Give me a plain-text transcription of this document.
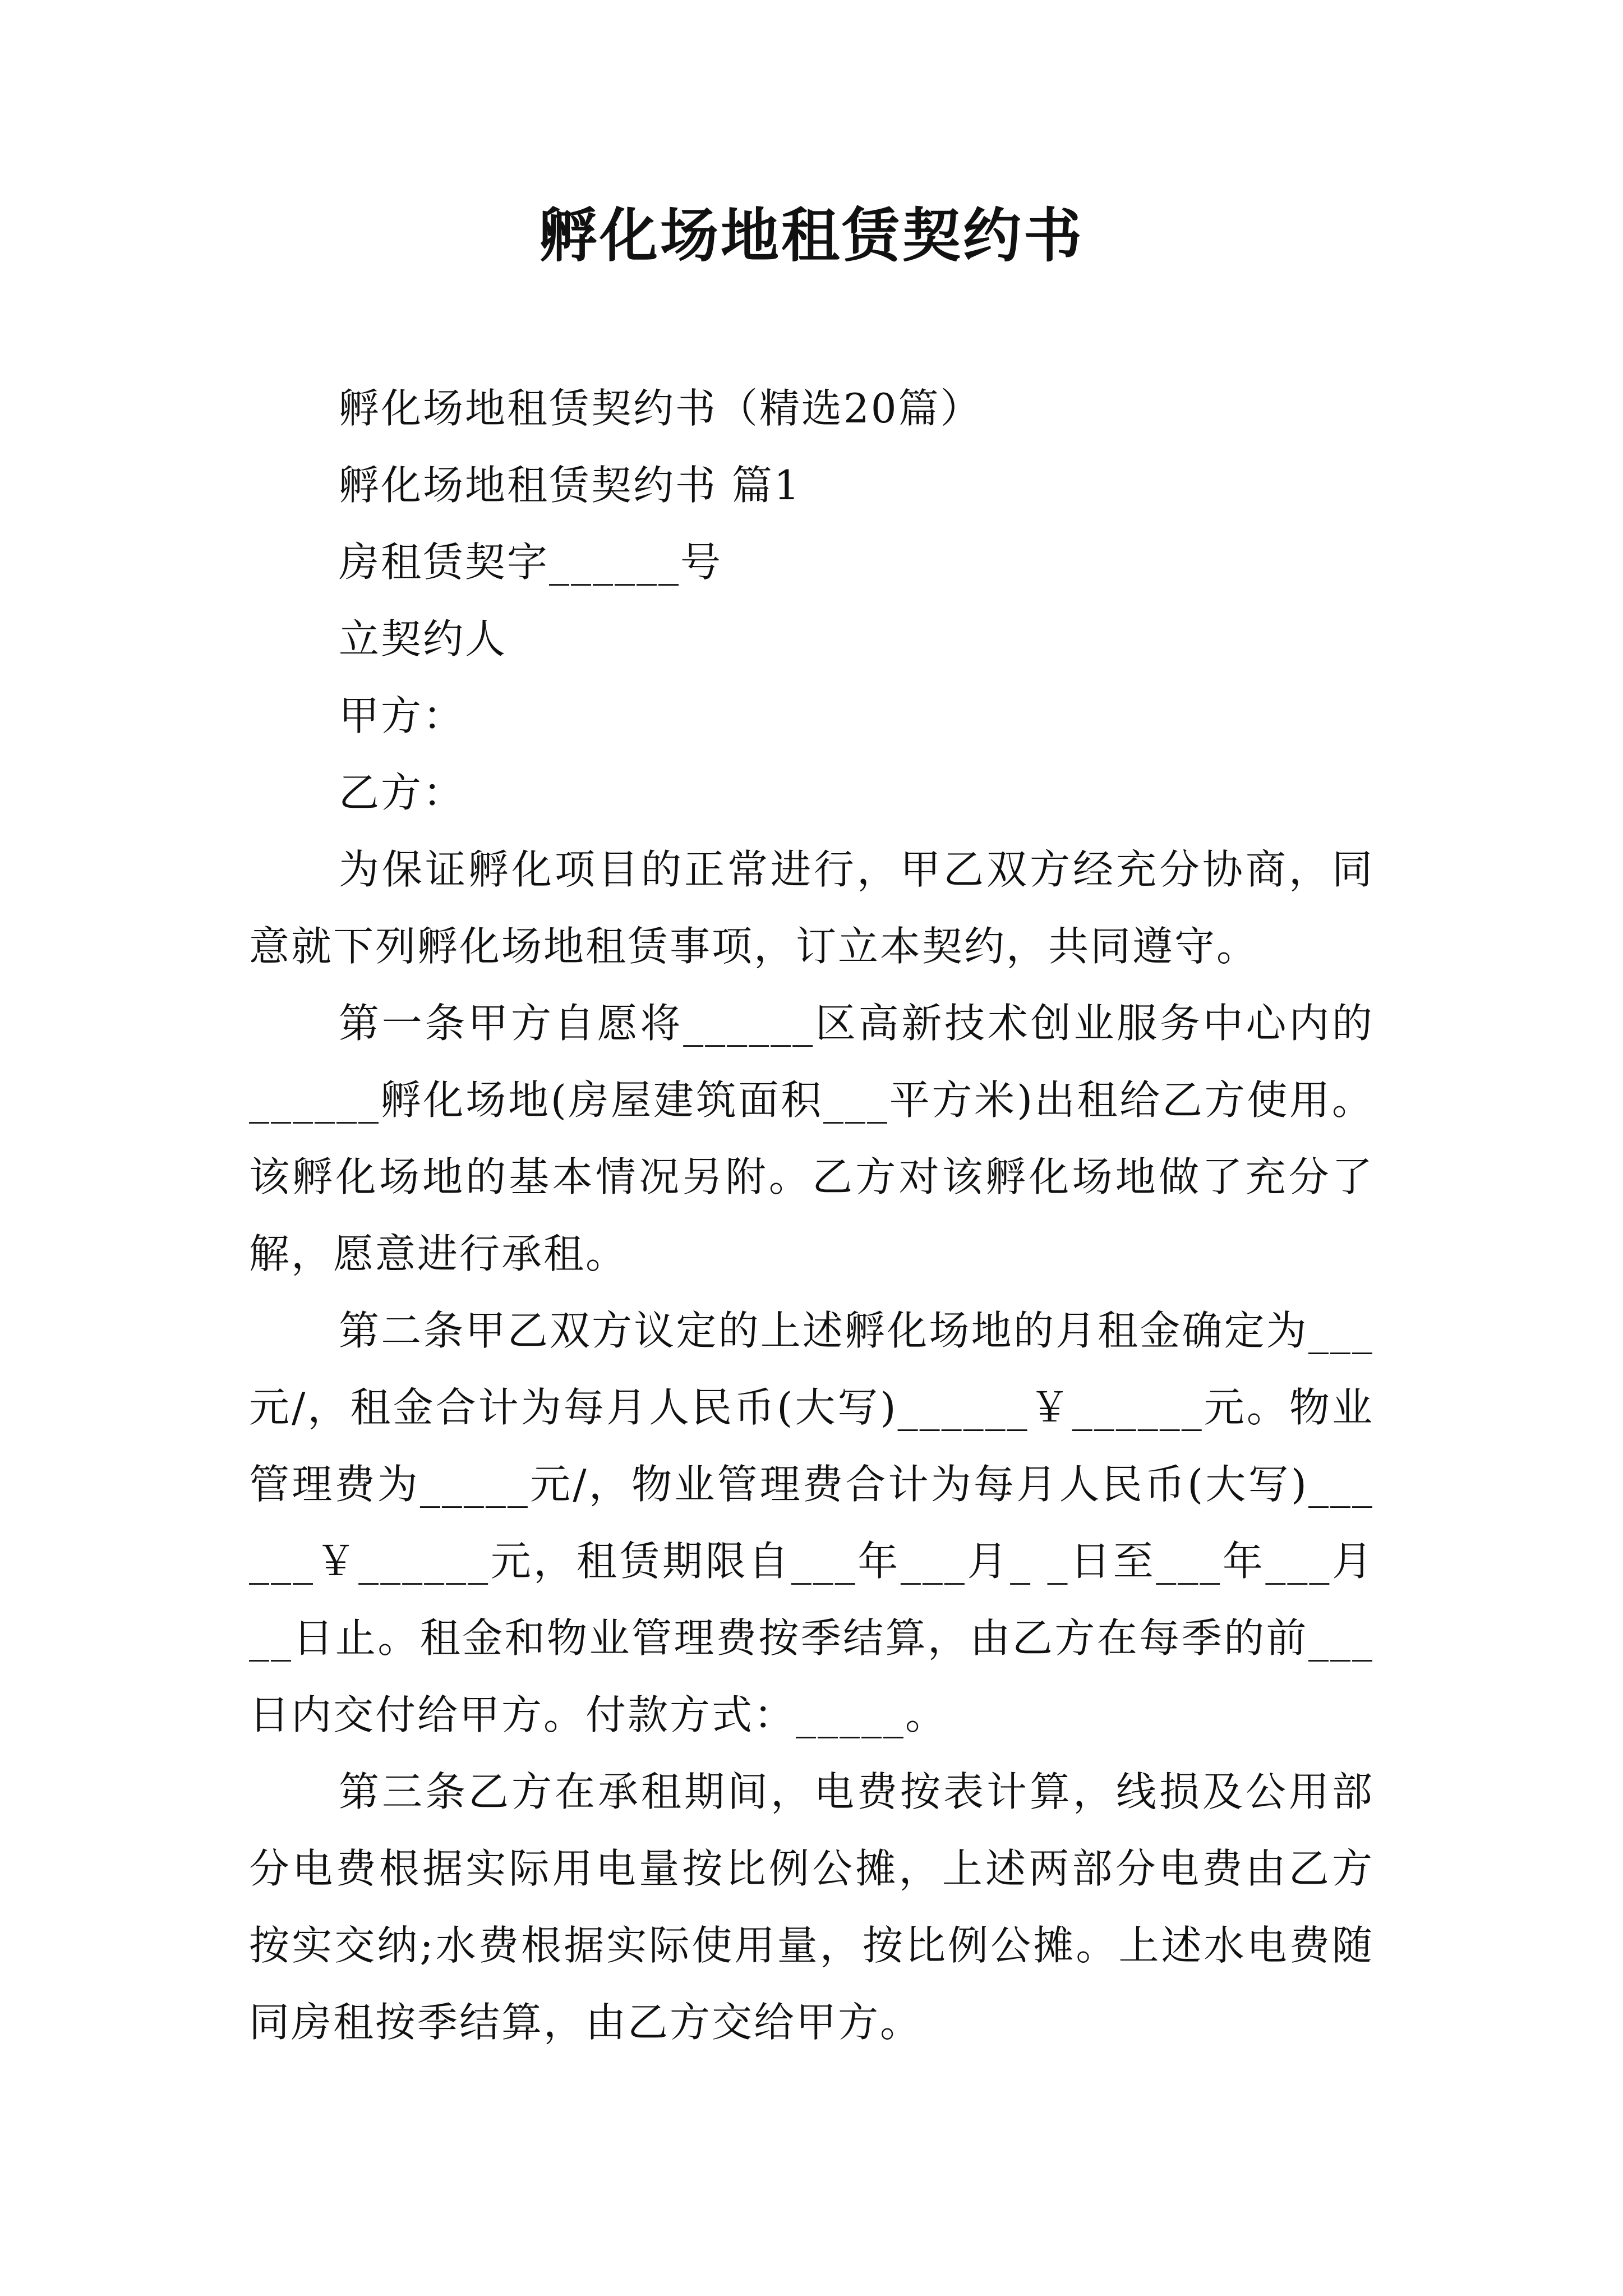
孵化场地租赁契约书

孵化场地租赁契约书（精选20篇）

孵化场地租赁契约书 篇1

房租赁契字______号

立契约人

甲方：

乙方：

为保证孵化项目的正常进行，甲乙双方经充分协商，同意就下列孵化场地租赁事项，订立本契约，共同遵守。

第一条甲方自愿将______区高新技术创业服务中心内的______孵化场地(房屋建筑面积___平方米)出租给乙方使用。该孵化场地的基本情况另附。乙方对该孵化场地做了充分了解，愿意进行承租。

第二条甲乙双方议定的上述孵化场地的月租金确定为___元/，租金合计为每月人民币(大写)______￥______元。物业管理费为_____元/，物业管理费合计为每月人民币(大写)______￥______元，租赁期限自___年___月_ _日至___年___月__日止。租金和物业管理费按季结算，由乙方在每季的前___日内交付给甲方。付款方式：_____。

第三条乙方在承租期间，电费按表计算，线损及公用部分电费根据实际用电量按比例公摊，上述两部分电费由乙方按实交纳;水费根据实际使用量，按比例公摊。上述水电费随同房租按季结算，由乙方交给甲方。
